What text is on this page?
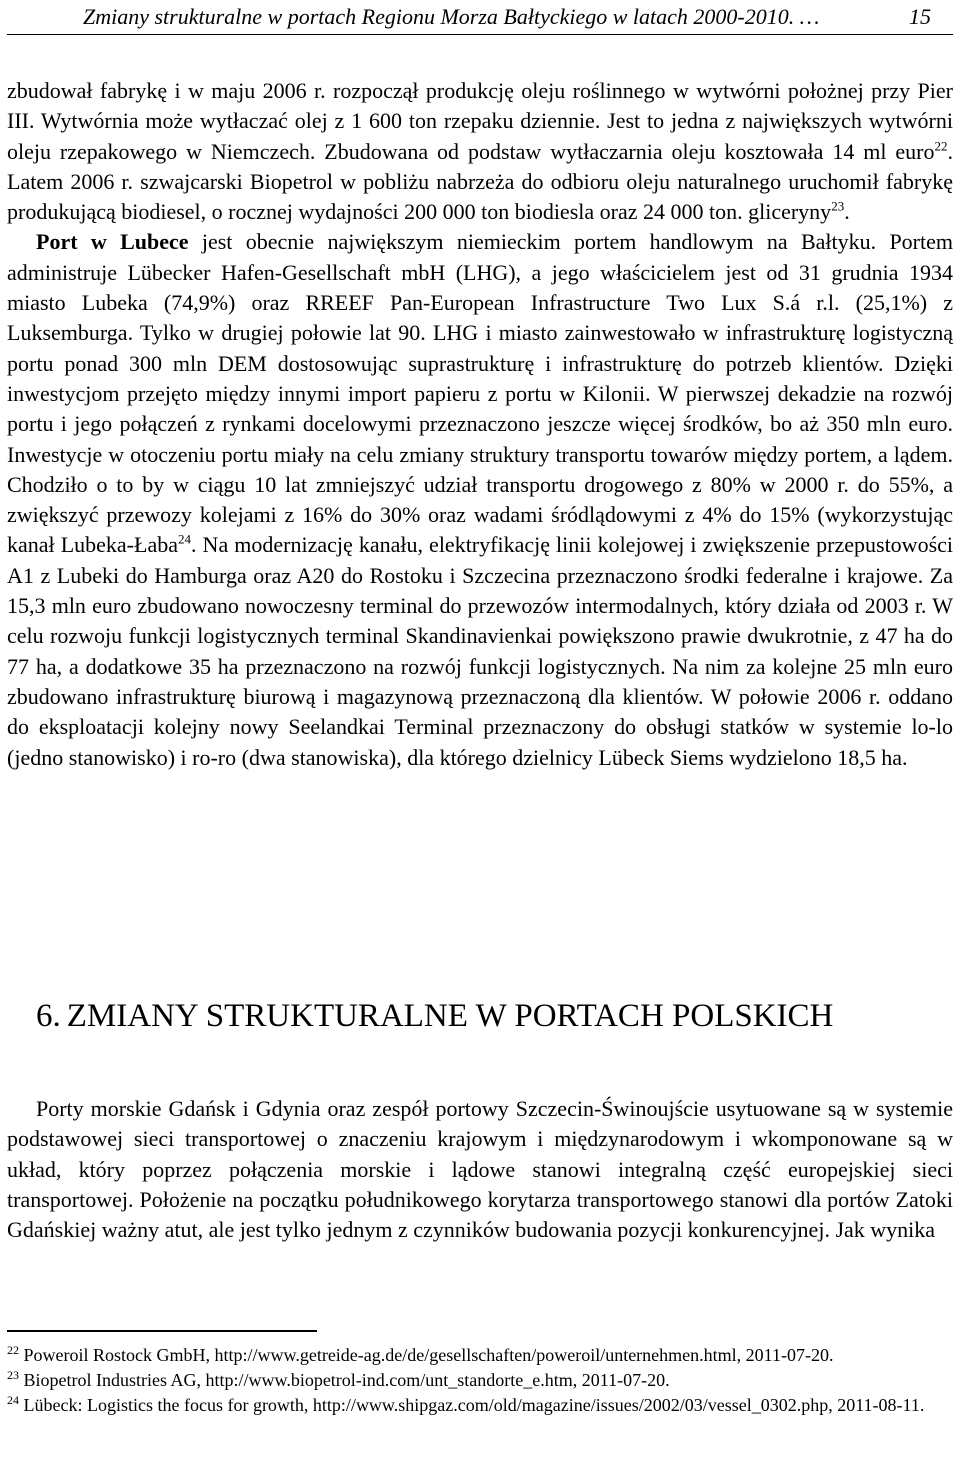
Zmiany strukturalne w portach Regionu Morza Bałtyckiego w latach 2000-2010. …	15

zbudował fabrykę i w maju 2006 r. rozpoczął produkcję oleju roślinnego w wytwórni położnej przy Pier III. Wytwórnia może wytłaczać olej z 1 600 ton rzepaku dziennie. Jest to jedna z największych wytwórni oleju rzepakowego w Niemczech. Zbudowana od podstaw wytłaczarnia oleju kosztowała 14 ml euro$^{22}$. Latem 2006 r. szwajcarski Biopetrol w pobliżu nabrzeża do odbioru oleju naturalnego uruchomił fabrykę produkującą biodiesel, o rocznej wydajności 200 000 ton biodiesla oraz 24 000 ton. gliceryny$^{23}$.

Port w Lubece jest obecnie największym niemieckim portem handlowym na Bałtyku. Portem administruje Lübecker Hafen-Gesellschaft mbH (LHG), a jego właścicielem jest od 31 grudnia 1934 miasto Lubeka (74,9%) oraz RREEF Pan-European Infrastructure Two Lux S.á r.l. (25,1%) z Luksemburga. Tylko w drugiej połowie lat 90. LHG i miasto zainwestowało w infrastrukturę logistyczną portu ponad 300 mln DEM dostosowując suprastrukturę i infrastrukturę do potrzeb klientów. Dzięki inwestycjom przejęto między innymi import papieru z portu w Kilonii. W pierwszej dekadzie na rozwój portu i jego połączeń z rynkami docelowymi przeznaczono jeszcze więcej środków, bo aż 350 mln euro. Inwestycje w otoczeniu portu miały na celu zmiany struktury transportu towarów między portem, a lądem. Chodziło o to by w ciągu 10 lat zmniejszyć udział transportu drogowego z 80% w 2000 r. do 55%, a zwiększyć przewozy kolejami z 16% do 30% oraz wadami śródlądowymi z 4% do 15% (wykorzystując kanał Lubeka-Łaba$^{24}$. Na modernizację kanału, elektryfikację linii kolejowej i zwiększenie przepustowości A1 z Lubeki do Hamburga oraz A20 do Rostoku i Szczecina przeznaczono środki federalne i krajowe. Za 15,3 mln euro zbudowano nowoczesny terminal do przewozów intermodalnych, który działa od 2003 r. W celu rozwoju funkcji logistycznych terminal Skandinavienkai powiększono prawie dwukrotnie, z 47 ha do 77 ha, a dodatkowe 35 ha przeznaczono na rozwój funkcji logistycznych. Na nim za kolejne 25 mln euro zbudowano infrastrukturę biurową i magazynową przeznaczoną dla klientów. W połowie 2006 r. oddano do eksploatacji kolejny nowy Seelandkai Terminal przeznaczony do obsługi statków w systemie lo-lo (jedno stanowisko) i ro-ro (dwa stanowiska), dla którego dzielnicy Lübeck Siems wydzielono 18,5 ha.

6. ZMIANY STRUKTURALNE W PORTACH POLSKICH

Porty morskie Gdańsk i Gdynia oraz zespół portowy Szczecin-Świnoujście usytuowane są w systemie podstawowej sieci transportowej o znaczeniu krajowym i międzynarodowym i wkomponowane są w układ, który poprzez połączenia morskie i lądowe stanowi integralną część europejskiej sieci transportowej. Położenie na początku południkowego korytarza transportowego stanowi dla portów Zatoki Gdańskiej ważny atut, ale jest tylko jednym z czynników budowania pozycji konkurencyjnej. Jak wynika

$^{22}$ Poweroil Rostock GmbH, http://www.getreide-ag.de/de/gesellschaften/poweroil/unternehmen.html, 2011-07-20.

$^{23}$ Biopetrol Industries AG, http://www.biopetrol-ind.com/unt_standorte_e.htm, 2011-07-20.

$^{24}$ Lübeck: Logistics the focus for growth, http://www.shipgaz.com/old/magazine/issues/2002/03/vessel_0302.php, 2011-08-11.
